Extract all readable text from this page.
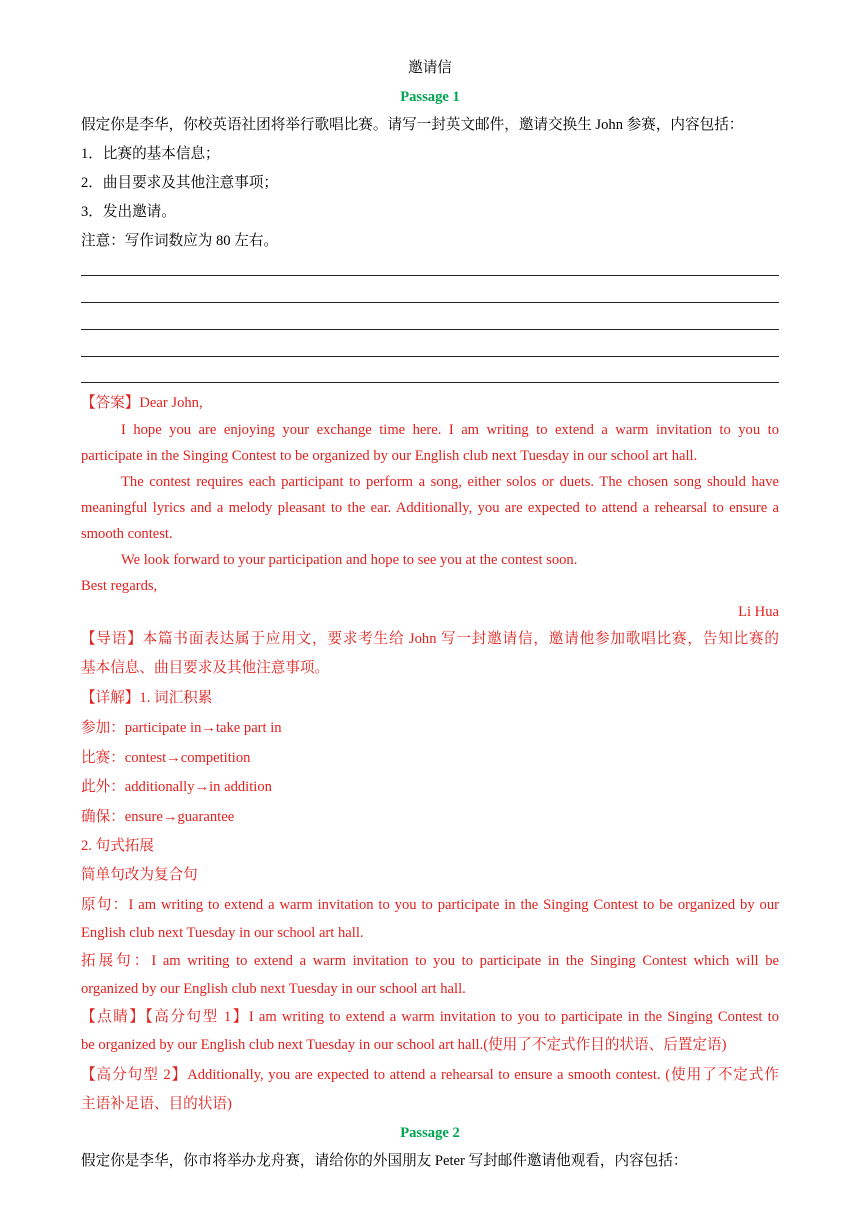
邀请信
Passage 1
假定你是李华，你校英语社团将举行歌唱比赛。请写一封英文邮件，邀请交换生 John 参赛，内容包括：
1．比赛的基本信息；
2．曲目要求及其他注意事项；
3．发出邀请。
注意：写作词数应为 80 左右。
【答案】Dear John,
I hope you are enjoying your exchange time here. I am writing to extend a warm invitation to you to
participate in the Singing Contest to be organized by our English club next Tuesday in our school art hall.
The contest requires each participant to perform a song, either solos or duets. The chosen song should have
meaningful lyrics and a melody pleasant to the ear. Additionally, you are expected to attend a rehearsal to ensure a
smooth contest.
We look forward to your participation and hope to see you at the contest soon.
Best regards,
Li Hua
【导语】本篇书面表达属于应用文，要求考生给 John 写一封邀请信，邀请他参加歌唱比赛，告知比赛的
基本信息、曲目要求及其他注意事项。
【详解】1. 词汇积累
参加：participate in→take part in
比赛：contest→competition
此外：additionally→in addition
确保：ensure→guarantee
2. 句式拓展
简单句改为复合句
原句：I am writing to extend a warm invitation to you to participate in the Singing Contest to be organized by our
English club next Tuesday in our school art hall.
拓展句：I am writing to extend a warm invitation to you to participate in the Singing Contest which will be
organized by our English club next Tuesday in our school art hall.
【点睛】【高分句型 1】I am writing to extend a warm invitation to you to participate in the Singing Contest to
be organized by our English club next Tuesday in our school art hall.(使用了不定式作目的状语、后置定语)
【高分句型 2】Additionally, you are expected to attend a rehearsal to ensure a smooth contest. (使用了不定式作
主语补足语、目的状语)
Passage 2
假定你是李华，你市将举办龙舟赛，请给你的外国朋友 Peter 写封邮件邀请他观看，内容包括：
